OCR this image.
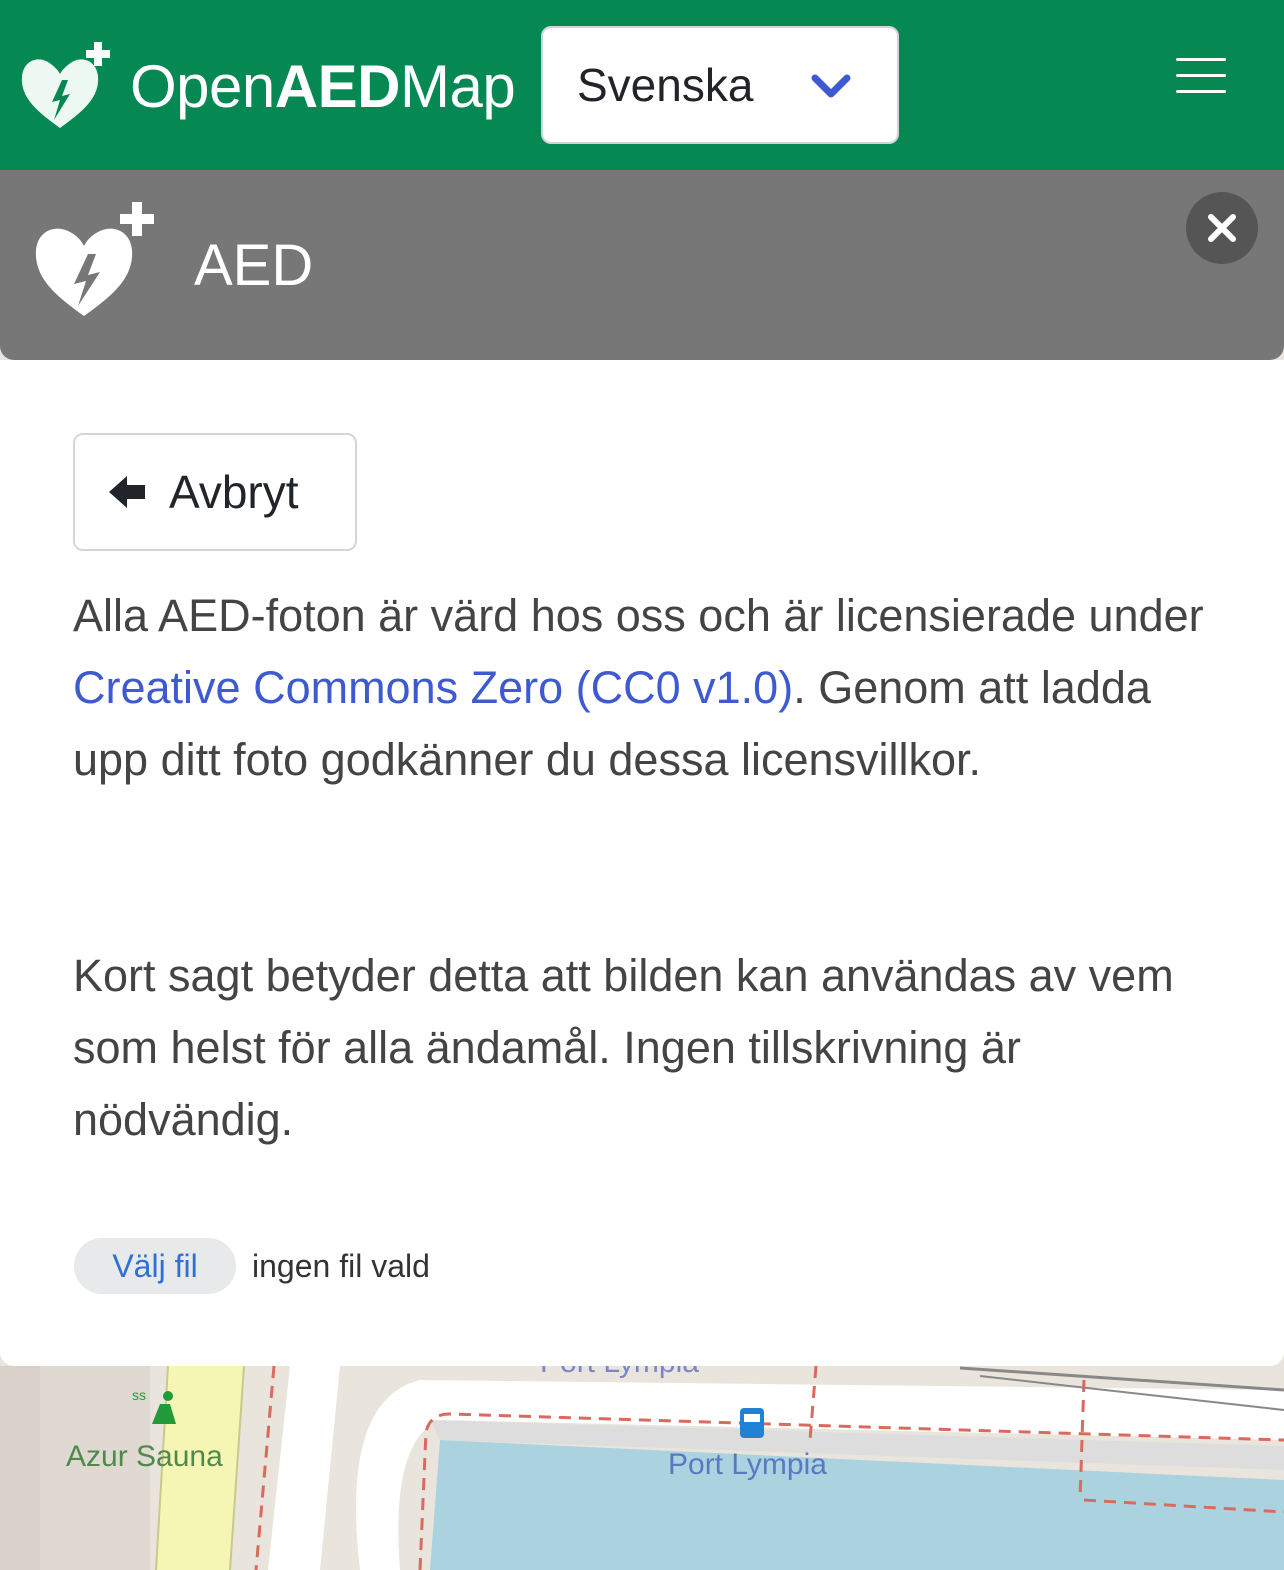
ss
Azur Sauna	Port Lympia
OpenAEDMap Svenska
AED
Avbryt

Alla AED-foton är värd hos oss och är licensierade under Creative Commons Zero (CC0 v1.0). Genom att ladda upp ditt foto godkänner du dessa licensvillkor.

Kort sagt betyder detta att bilden kan användas av vem som helst för alla ändamål. Ingen tillskrivning är nödvändig.

Välj fil	ingen fil vald
